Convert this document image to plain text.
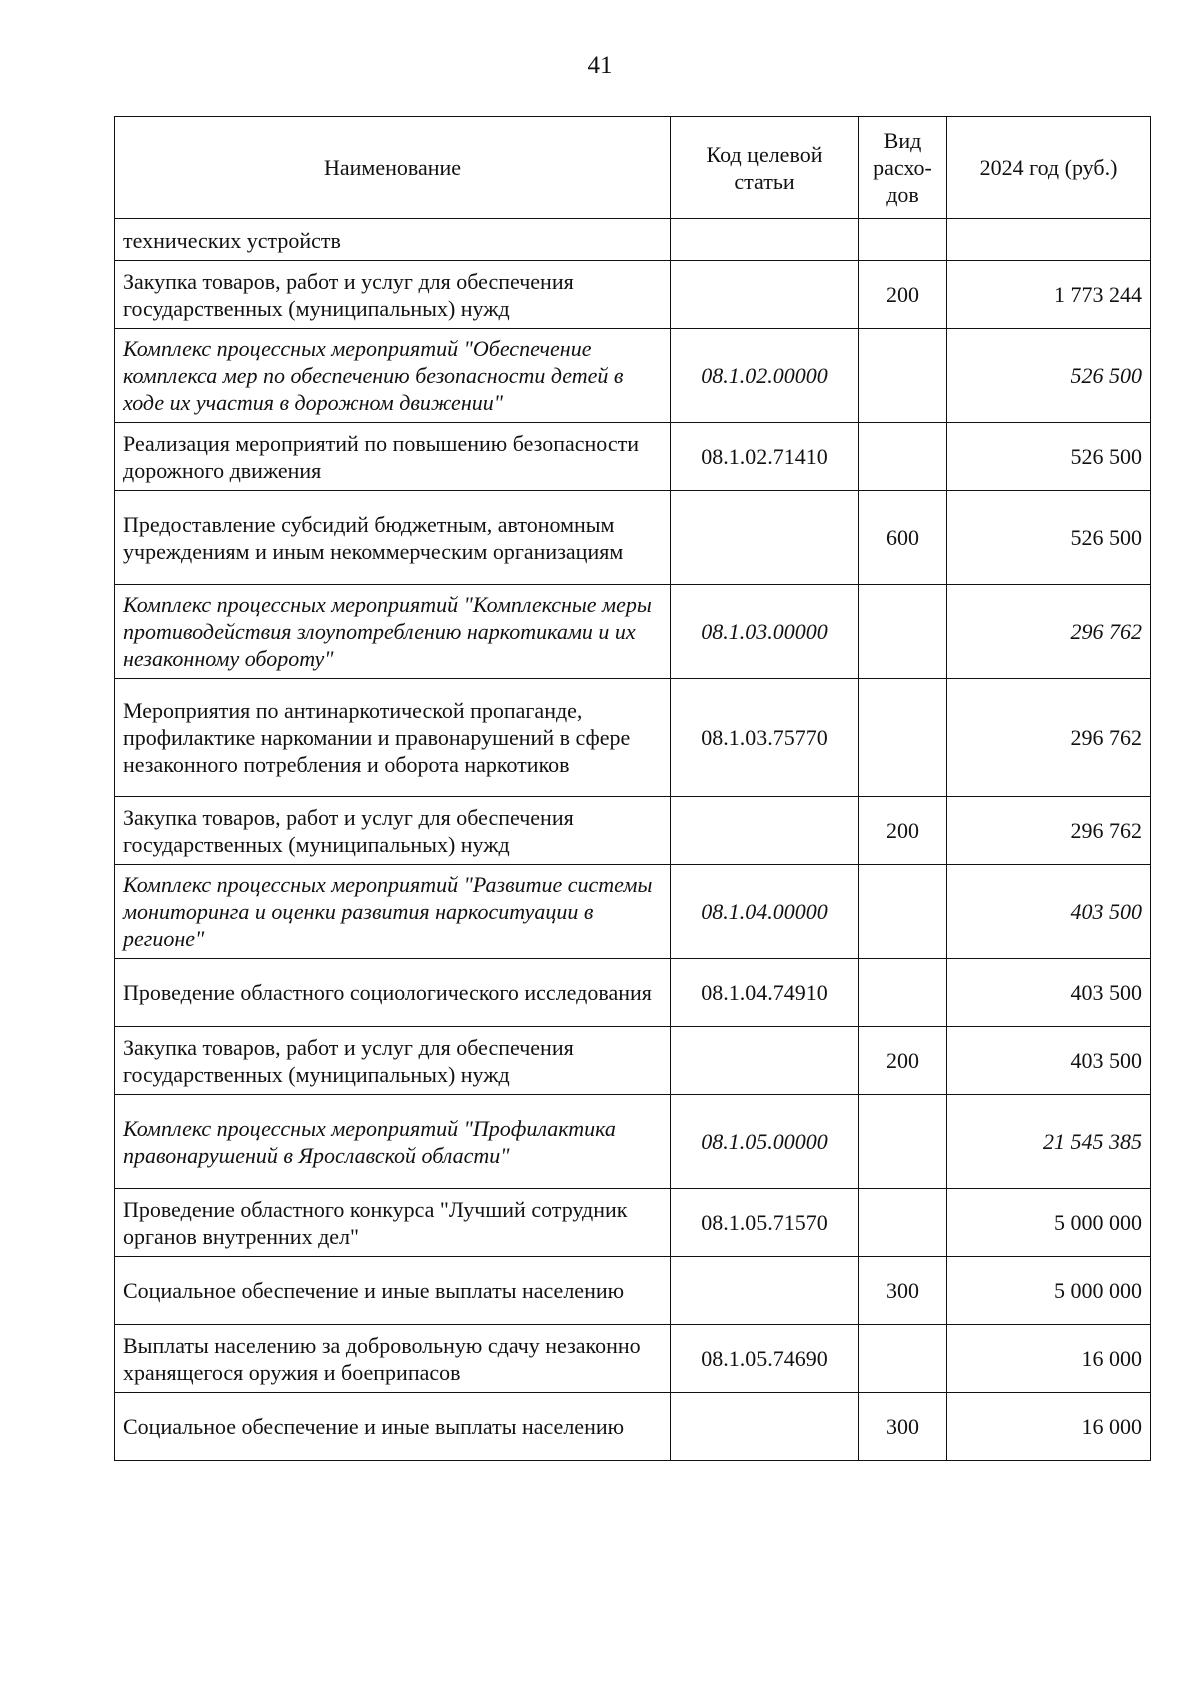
41
Наименование	Код целевой статьи	Вид расхо-дов	2024 год (руб.)
технических устройств			
Закупка товаров, работ и услуг для обеспечения государственных (муниципальных) нужд		200	1 773 244
Комплекс процессных мероприятий "Обеспечение комплекса мер по обеспечению безопасности детей в ходе их участия в дорожном движении"	08.1.02.00000		526 500
Реализация мероприятий по повышению безопасности дорожного движения	08.1.02.71410		526 500
Предоставление субсидий бюджетным, автономным учреждениям и иным некоммерческим организациям		600	526 500
Комплекс процессных мероприятий "Комплексные меры противодействия злоупотреблению наркотиками и их незаконному обороту"	08.1.03.00000		296 762
Мероприятия по антинаркотической пропаганде, профилактике наркомании и правонарушений в сфере незаконного потребления и оборота наркотиков	08.1.03.75770		296 762
Закупка товаров, работ и услуг для обеспечения государственных (муниципальных) нужд		200	296 762
Комплекс процессных мероприятий "Развитие системы мониторинга и оценки развития наркоситуации в регионе"	08.1.04.00000		403 500
Проведение областного социологического исследования	08.1.04.74910		403 500
Закупка товаров, работ и услуг для обеспечения государственных (муниципальных) нужд		200	403 500
Комплекс процессных мероприятий "Профилактика правонарушений в Ярославской области"	08.1.05.00000		21 545 385
Проведение областного конкурса "Лучший сотрудник органов внутренних дел"	08.1.05.71570		5 000 000
Социальное обеспечение и иные выплаты населению		300	5 000 000
Выплаты населению за добровольную сдачу незаконно хранящегося оружия и боеприпасов	08.1.05.74690		16 000
Социальное обеспечение и иные выплаты населению		300	16 000
